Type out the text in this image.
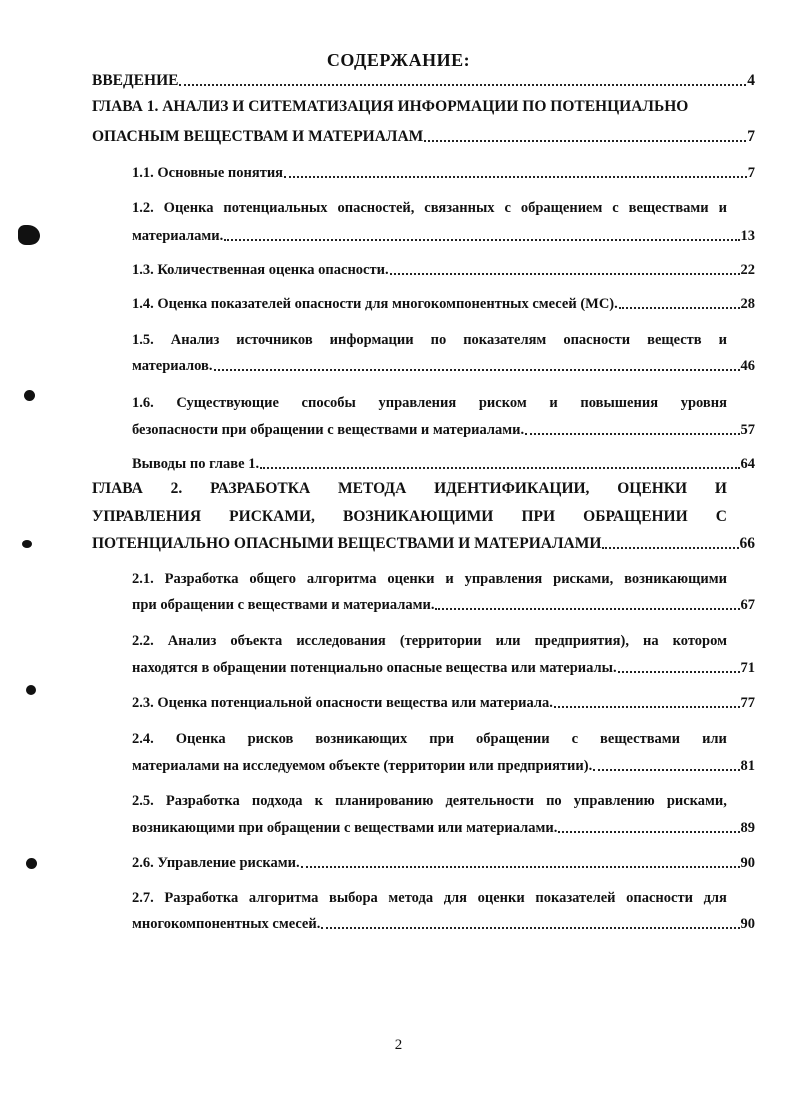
СОДЕРЖАНИЕ:
ВВЕДЕНИЕ	4
ГЛАВА 1. АНАЛИЗ И СИТЕМАТИЗАЦИЯ ИНФОРМАЦИИ ПО ПОТЕНЦИАЛЬНО
ОПАСНЫМ ВЕЩЕСТВАМ И МАТЕРИАЛАМ	7
1.1. Основные понятия	7
1.2. Оценка потенциальных опасностей, связанных с обращением с веществами и
материалами.	13
1.3. Количественная оценка опасности.	22
1.4. Оценка показателей опасности для многокомпонентных смесей (МС).	28
1.5. Анализ источников информации по показателям опасности веществ и
материалов.	46
1.6. Существующие способы управления риском и повышения уровня
безопасности при обращении с веществами и материалами.	57
Выводы по главе 1.	64
ГЛАВА 2. РАЗРАБОТКА МЕТОДА ИДЕНТИФИКАЦИИ, ОЦЕНКИ И
УПРАВЛЕНИЯ РИСКАМИ, ВОЗНИКАЮЩИМИ ПРИ ОБРАЩЕНИИ С
ПОТЕНЦИАЛЬНО ОПАСНЫМИ ВЕЩЕСТВАМИ И МАТЕРИАЛАМИ	66
2.1. Разработка общего алгоритма оценки и управления рисками, возникающими
при обращении с веществами и материалами.	67
2.2. Анализ объекта исследования (территории или предприятия), на котором
находятся в обращении потенциально опасные вещества или материалы.	71
2.3. Оценка потенциальной опасности вещества или материала.	77
2.4. Оценка рисков возникающих при обращении с веществами или
материалами на исследуемом объекте (территории или предприятии).	81
2.5. Разработка подхода к планированию деятельности по управлению рисками,
возникающими при обращении с веществами или материалами.	89
2.6. Управление рисками.	90
2.7. Разработка алгоритма выбора метода для оценки показателей опасности для
многокомпонентных смесей.	90
2
